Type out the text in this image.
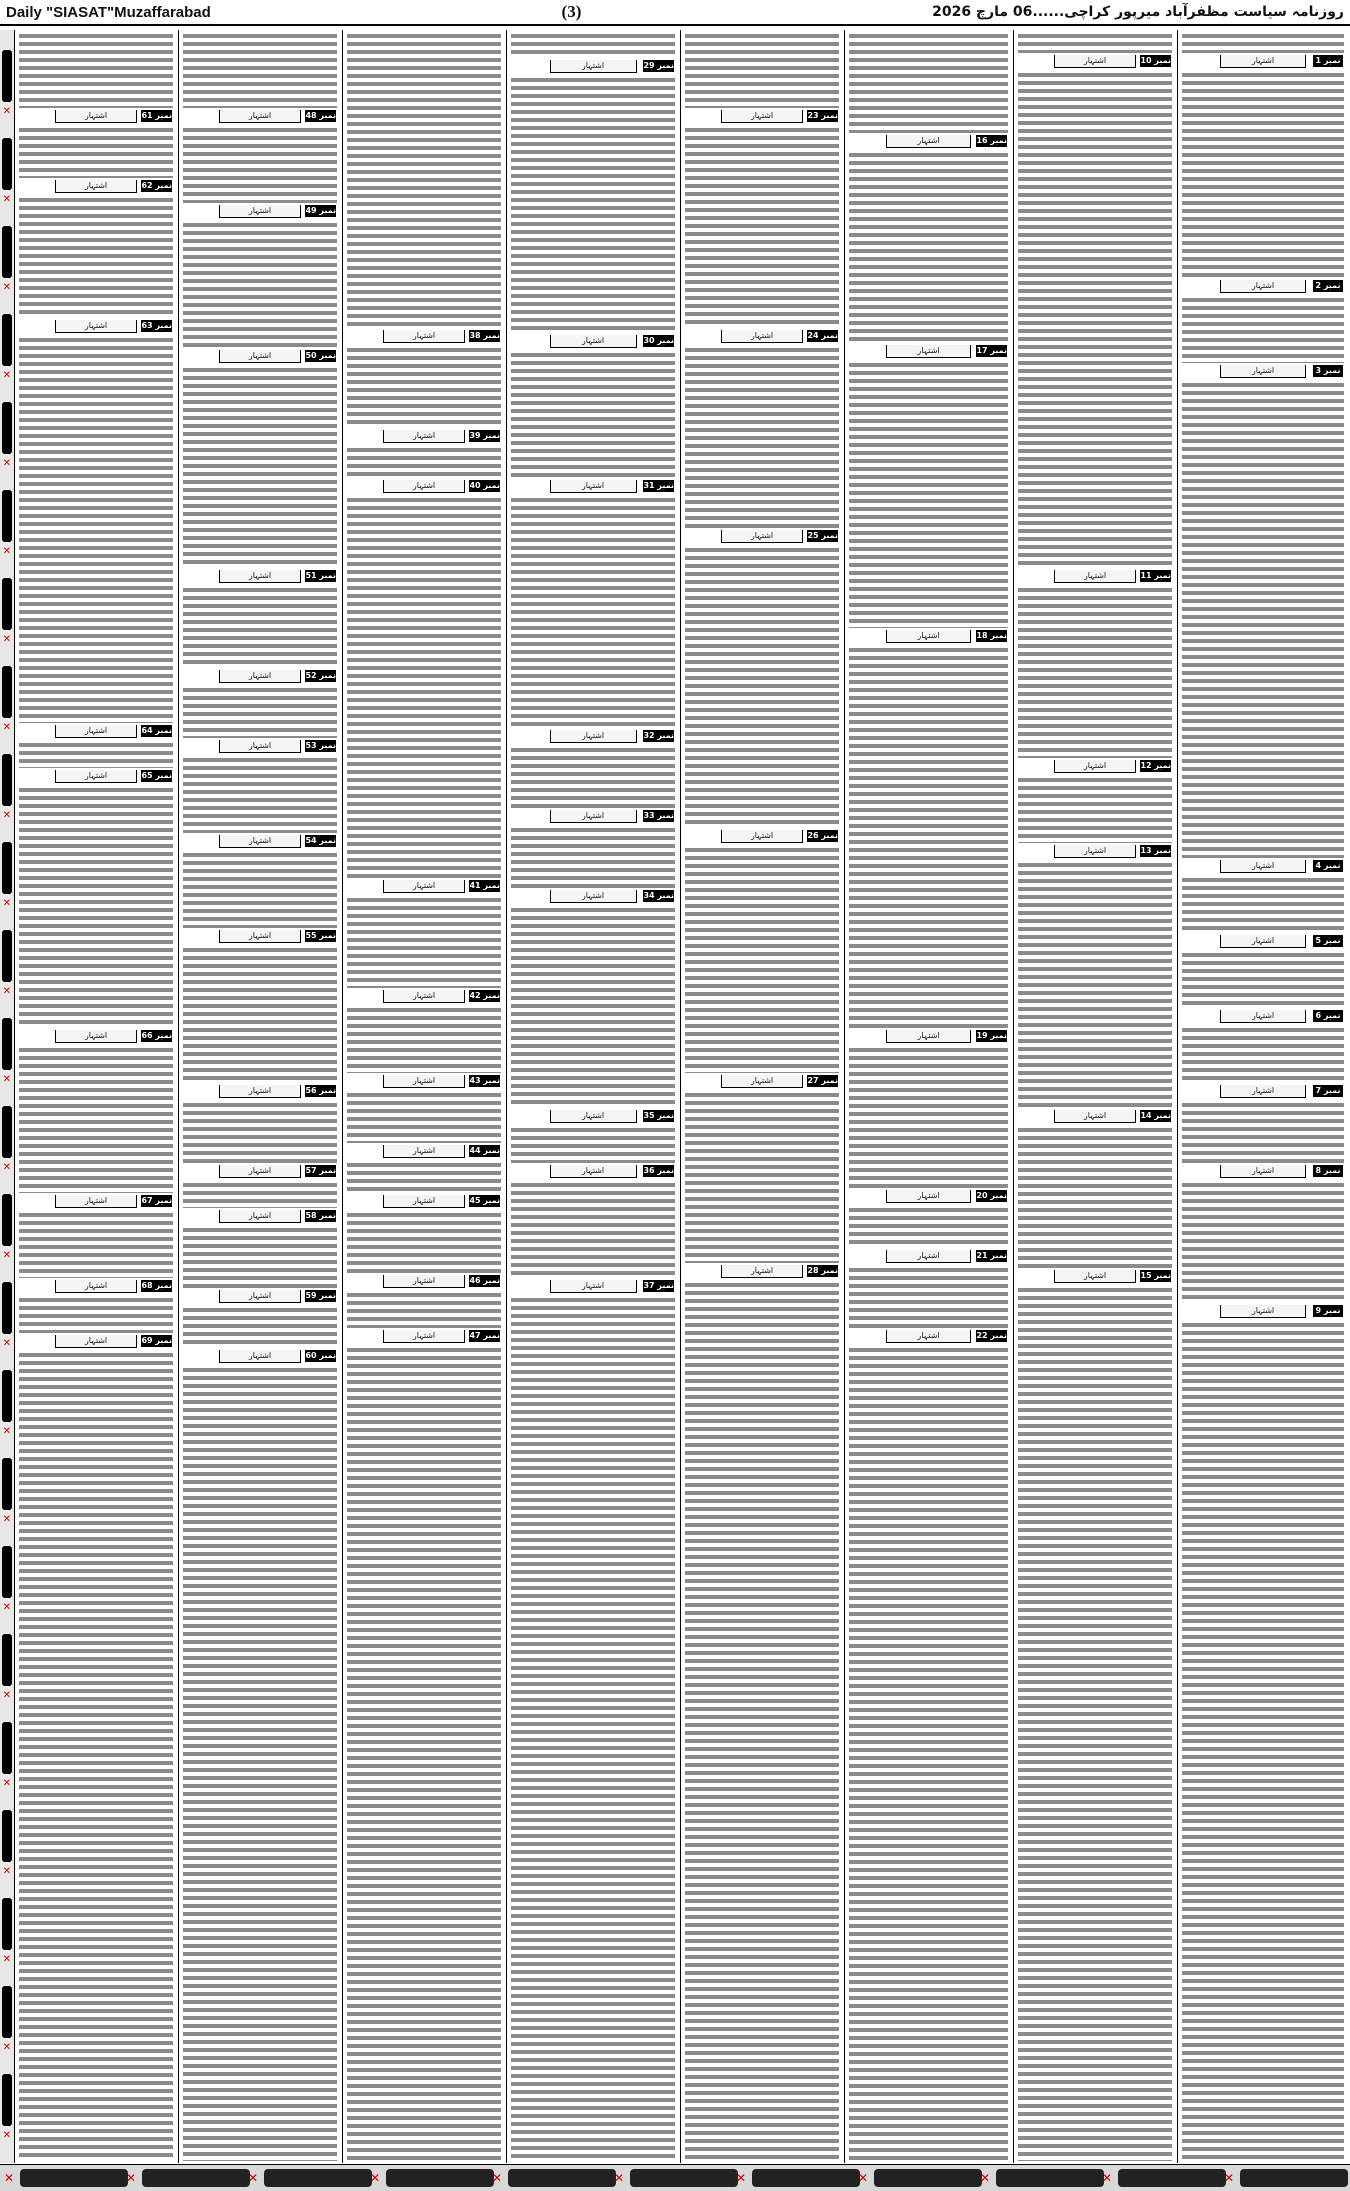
Daily "SIASAT"Muzaffarabad	(3)	روزنامہ سیاست مظفرآباد میرپور کراچی......06 مارچ 2026
✕
✕
✕
✕
✕
✕
✕
✕
✕
✕
✕
✕
✕
✕
✕
✕
✕
✕
✕
✕
✕
✕
✕
✕
اشتہار	نمبر 61
اشتہار	نمبر 62
اشتہار	نمبر 63
اشتہار	نمبر 64
اشتہار	نمبر 65
اشتہار	نمبر 66
اشتہار	نمبر 67
اشتہار	نمبر 68
اشتہار	نمبر 69
اشتہار	نمبر 48
اشتہار	نمبر 49
اشتہار	نمبر 50
اشتہار	نمبر 51
اشتہار	نمبر 52
اشتہار	نمبر 53
اشتہار	نمبر 54
اشتہار	نمبر 55
اشتہار	نمبر 56
اشتہار	نمبر 57
اشتہار	نمبر 58
اشتہار	نمبر 59
اشتہار	نمبر 60
اشتہار	نمبر 38
اشتہار	نمبر 39
اشتہار	نمبر 40
اشتہار	نمبر 41
اشتہار	نمبر 42
اشتہار	نمبر 43
اشتہار	نمبر 44
اشتہار	نمبر 45
اشتہار	نمبر 46
اشتہار	نمبر 47
اشتہار	نمبر 29
اشتہار	نمبر 30
اشتہار	نمبر 31
اشتہار	نمبر 32
اشتہار	نمبر 33
اشتہار	نمبر 34
اشتہار	نمبر 35
اشتہار	نمبر 36
اشتہار	نمبر 37
اشتہار	نمبر 23
اشتہار	نمبر 24
اشتہار	نمبر 25
اشتہار	نمبر 26
اشتہار	نمبر 27
اشتہار	نمبر 28
اشتہار	نمبر 16
اشتہار	نمبر 17
اشتہار	نمبر 18
اشتہار	نمبر 19
اشتہار	نمبر 20
اشتہار	نمبر 21
اشتہار	نمبر 22
اشتہار	نمبر 10
اشتہار	نمبر 11
اشتہار	نمبر 12
اشتہار	نمبر 13
اشتہار	نمبر 14
اشتہار	نمبر 15
اشتہار	نمبر 1
اشتہار	نمبر 2
اشتہار	نمبر 3
اشتہار	نمبر 4
اشتہار	نمبر 5
اشتہار	نمبر 6
اشتہار	نمبر 7
اشتہار	نمبر 8
اشتہار	نمبر 9
✕	✕	✕	✕	✕	✕	✕	✕	✕	✕	✕
